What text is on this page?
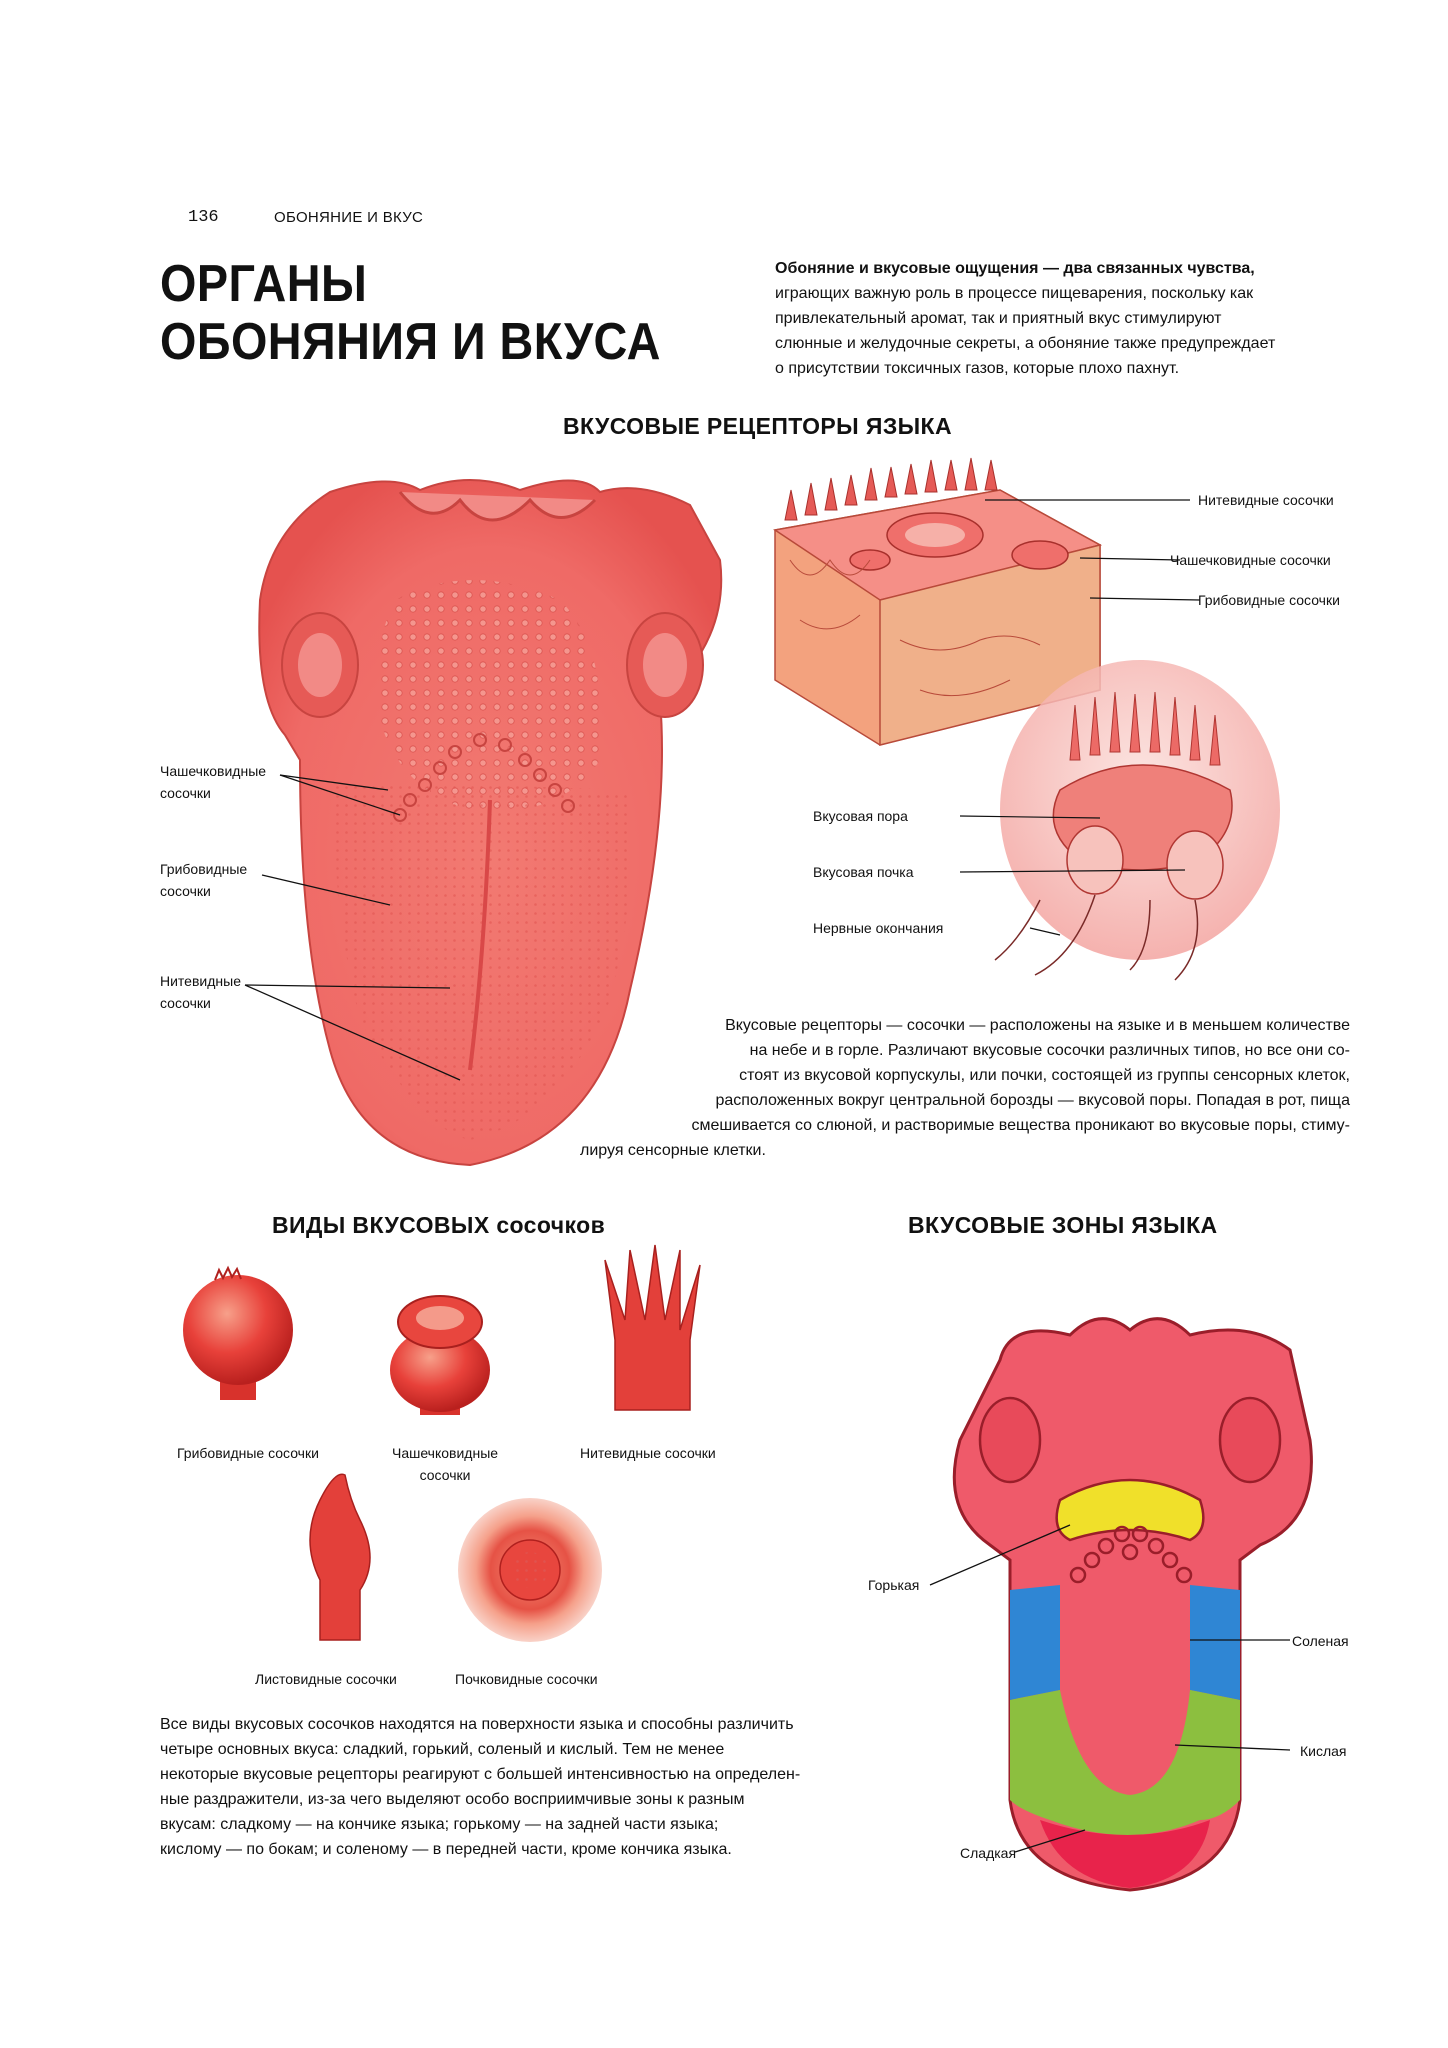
136	ОБОНЯНИЕ И ВКУС
ОРГАНЫ
ОБОНЯНИЯ И ВКУСА
Обоняние и вкусовые ощущения — два связанных чувства,
играющих важную роль в процессе пищеварения, поскольку как
привлекательный аромат, так и приятный вкус стимулируют
слюнные и желудочные секреты, а обоняние также предупреждает
о присутствии токсичных газов, которые плохо пахнут.
ВКУСОВЫЕ РЕЦЕПТОРЫ ЯЗЫКА
Чашечковидные
сосочки
Грибовидные
сосочки
Нитевидные
сосочки
Нитевидные сосочки
Чашечковидные сосочки
Грибовидные сосочки
Вкусовая пора
Вкусовая почка
Нервные окончания
Вкусовые рецепторы — сосочки — расположены на языке и в меньшем количестве
на небе и в горле. Различают вкусовые сосочки различных типов, но все они со-
стоят из вкусовой корпускулы, или почки, состоящей из группы сенсорных клеток,
расположенных вокруг центральной борозды — вкусовой поры. Попадая в рот, пища
смешивается со слюной, и растворимые вещества проникают во вкусовые поры, стиму-
лируя сенсорные клетки.
ВИДЫ ВКУСОВЫХ сосочков
Грибовидные сосочки	Чашечковидные
сосочки
Нитевидные сосочки
Листовидные сосочки	Почковидные сосочки
Все виды вкусовых сосочков находятся на поверхности языка и способны различить
четыре основных вкуса: сладкий, горький, соленый и кислый. Тем не менее
некоторые вкусовые рецепторы реагируют с большей интенсивностью на определен-
ные раздражители, из-за чего выделяют особо восприимчивые зоны к разным
вкусам: сладкому — на кончике языка; горькому — на задней части языка;
кислому — по бокам; и соленому — в передней части, кроме кончика языка.
ВКУСОВЫЕ ЗОНЫ ЯЗЫКА
Горькая
Соленая
Кислая
Сладкая
